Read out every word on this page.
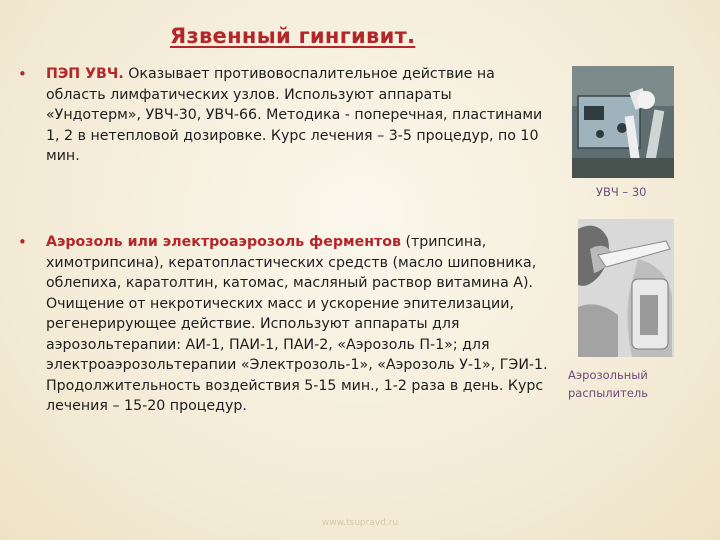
Язвенный гингивит.
• ПЭП УВЧ. Оказывает противовоспалительное действие на область лимфатических узлов. Используют аппараты «Ундотерм», УВЧ-30, УВЧ-66. Методика - поперечная, пластинами 1, 2 в нетепловой дозировке. Курс лечения – 3-5 процедур, по 10 мин.
• Аэрозоль или электроаэрозоль ферментов (трипсина, химотрипсина), кератопластических средств (масло шиповника, облепиха, каратолтин, катомас, масляный раствор витамина А). Очищение от некротических масс и ускорение эпителизации, регенерирующее действие. Используют аппараты для аэрозольтерапии: АИ-1, ПАИ-1, ПАИ-2, «Аэрозоль П-1»; для электроаэрозольтерапии «Электрозоль-1», «Аэрозоль У-1», ГЭИ-1. Продолжительность воздействия 5-15 мин., 1-2 раза в день. Курс лечения – 15-20 процедур.
УВЧ – 30
Аэрозольный распылитель
www.tsupravd.ru
